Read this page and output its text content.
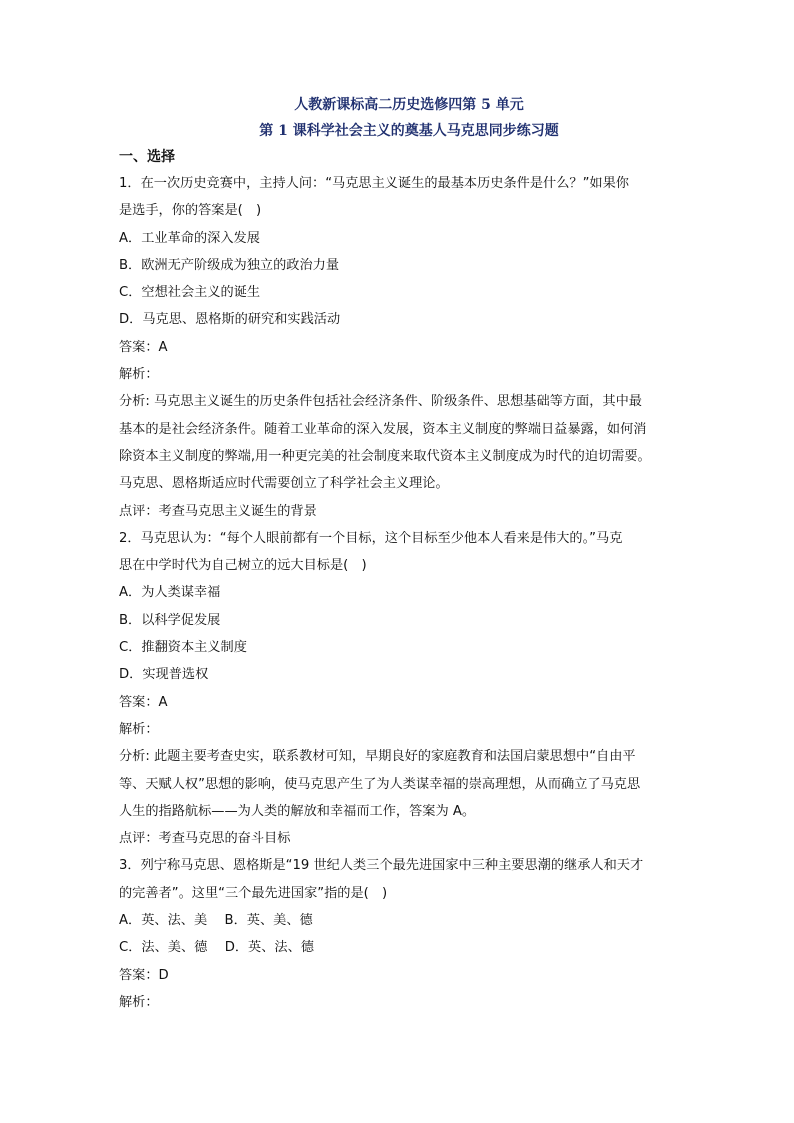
人教新课标高二历史选修四第 5 单元
第 1 课科学社会主义的奠基人马克思同步练习题
一、选择
1．在一次历史竞赛中，主持人问：“马克思主义诞生的最基本历史条件是什么？”如果你
是选手，你的答案是(　)
A．工业革命的深入发展
B．欧洲无产阶级成为独立的政治力量
C．空想社会主义的诞生
D．马克思、恩格斯的研究和实践活动
答案：A
解析：
分析: 马克思主义诞生的历史条件包括社会经济条件、阶级条件、思想基础等方面，其中最
基本的是社会经济条件。随着工业革命的深入发展，资本主义制度的弊端日益暴露，如何消
除资本主义制度的弊端,用一种更完美的社会制度来取代资本主义制度成为时代的迫切需要。
马克思、恩格斯适应时代需要创立了科学社会主义理论。
点评：考查马克思主义诞生的背景
2．马克思认为：“每个人眼前都有一个目标，这个目标至少他本人看来是伟大的。”马克
思在中学时代为自己树立的远大目标是(　)
A．为人类谋幸福
B．以科学促发展
C．推翻资本主义制度
D．实现普选权
答案：A
解析：
分析: 此题主要考查史实，联系教材可知，早期良好的家庭教育和法国启蒙思想中“自由平
等、天赋人权”思想的影响，使马克思产生了为人类谋幸福的崇高理想，从而确立了马克思
人生的指路航标——为人类的解放和幸福而工作，答案为 A。
点评：考查马克思的奋斗目标
3．列宁称马克思、恩格斯是“19 世纪人类三个最先进国家中三种主要思潮的继承人和天才
的完善者”。这里“三个最先进国家”指的是(　)
A．英、法、美　 B．英、美、德
C．法、美、德　 D．英、法、德
答案：D
解析：
